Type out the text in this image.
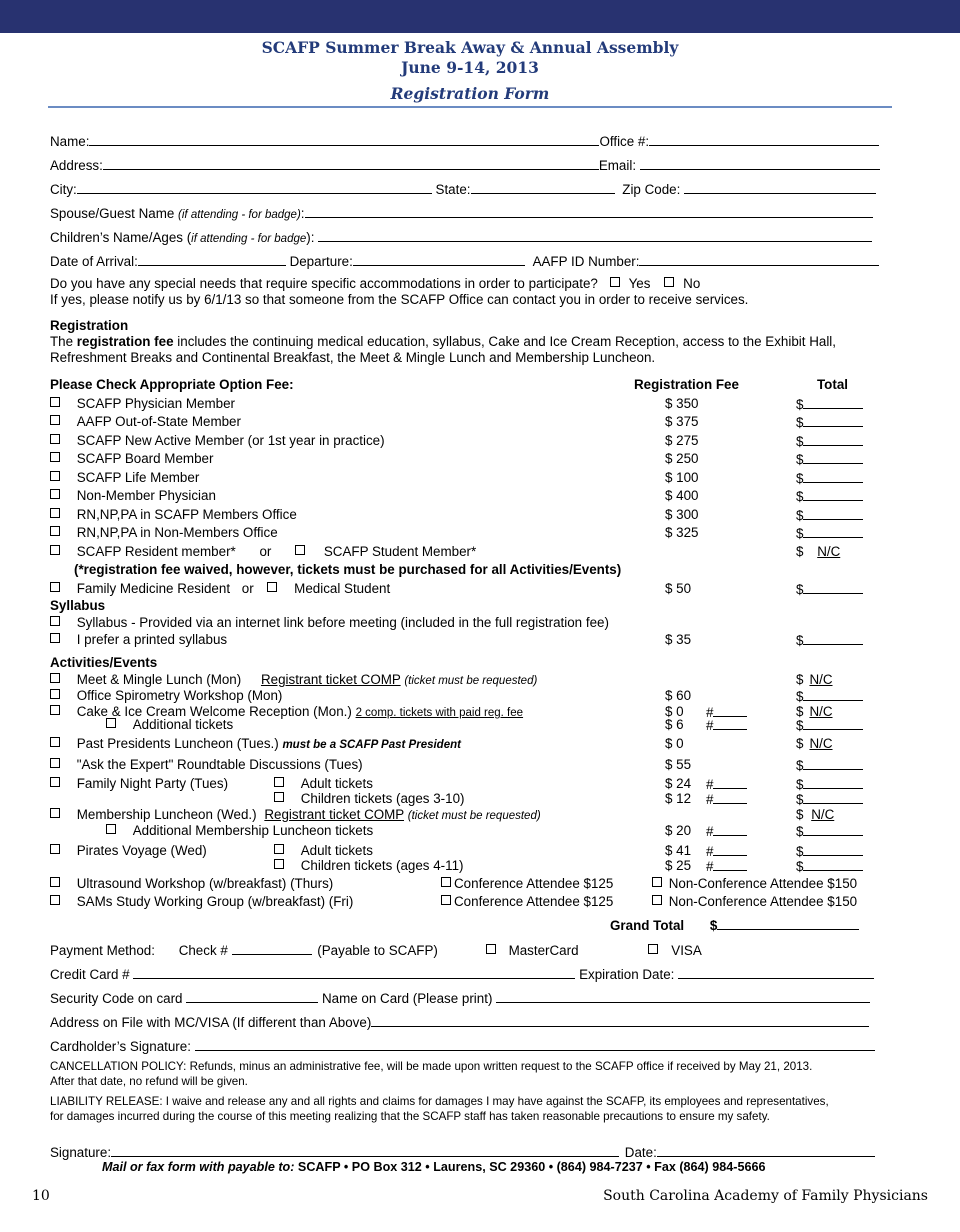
SCAFP Summer Break Away & Annual Assembly
June 9-14, 2013
Registration Form
Name:	Office #:
Address:	Email:
City:	State:	Zip Code:
Spouse/Guest Name (if attending - for badge):
Children’s Name/Ages (if attending - for badge):
Date of Arrival:	Departure:	AAFP ID Number:
Do you have any special needs that require specific accommodations in order to participate? Yes No
If yes, please notify us by 6/1/13 so that someone from the SCAFP Office can contact you in order to receive services.
Registration
The registration fee includes the continuing medical education, syllabus, Cake and Ice Cream Reception, access to the Exhibit Hall,
Refreshment Breaks and Continental Breakfast, the Meet & Mingle Lunch and Membership Luncheon.
Please Check Appropriate Option Fee:	Registration Fee	Total
SCAFP Physician Member	$ 350	$
AAFP Out-of-State Member	$ 375	$
SCAFP New Active Member (or 1st year in practice)	$ 275	$
SCAFP Board Member	$ 250	$
SCAFP Life Member	$ 100	$
Non-Member Physician	$ 400	$
RN,NP,PA in SCAFP Members Office	$ 300	$
RN,NP,PA in Non-Members Office	$ 325	$
SCAFP Resident member* or	SCAFP Student Member*	$ N/C
(*registration fee waived, however, tickets must be purchased for all Activities/Events)
Family Medicine Resident or	Medical Student	$ 50	$
Syllabus
Syllabus - Provided via an internet link before meeting (included in the full registration fee)
I prefer a printed syllabus	$ 35	$
Activities/Events
Meet & Mingle Lunch (Mon) Registrant ticket COMP (ticket must be requested)	$ N/C
Office Spirometry Workshop (Mon)	$ 60	$
Cake & Ice Cream Welcome Reception (Mon.) 2 comp. tickets with paid reg. fee	$ 0 #	$ N/C
Additional tickets	$ 6 #	$
Past Presidents Luncheon (Tues.) must be a SCAFP Past President	$ 0	$ N/C
"Ask the Expert" Roundtable Discussions (Tues)	$ 55	$
Family Night Party (Tues)	Adult tickets	$ 24 #	$
Children tickets (ages 3-10)	$ 12 #	$
Membership Luncheon (Wed.) Registrant ticket COMP (ticket must be requested)	$ N/C
Additional Membership Luncheon tickets	$ 20 #	$
Pirates Voyage (Wed)	Adult tickets	$ 41 #	$
Children tickets (ages 4-11)	$ 25 #	$
Ultrasound Workshop (w/breakfast) (Thurs)	Conference Attendee $125	Non-Conference Attendee $150
SAMs Study Working Group (w/breakfast) (Fri)	Conference Attendee $125	Non-Conference Attendee $150
Grand Total $
Payment Method: Check #	(Payable to SCAFP)	MasterCard	VISA
Credit Card #	Expiration Date:
Security Code on card	Name on Card (Please print)
Address on File with MC/VISA (If different than Above)
Cardholder’s Signature:
CANCELLATION POLICY: Refunds, minus an administrative fee, will be made upon written request to the SCAFP office if received by May 21, 2013.
After that date, no refund will be given.
LIABILITY RELEASE: I waive and release any and all rights and claims for damages I may have against the SCAFP, its employees and representatives,
for damages incurred during the course of this meeting realizing that the SCAFP staff has taken reasonable precautions to ensure my safety.
Signature:	Date:
Mail or fax form with payable to: SCAFP • PO Box 312 • Laurens, SC 29360 • (864) 984-7237 • Fax (864) 984-5666
10	South Carolina Academy of Family Physicians
